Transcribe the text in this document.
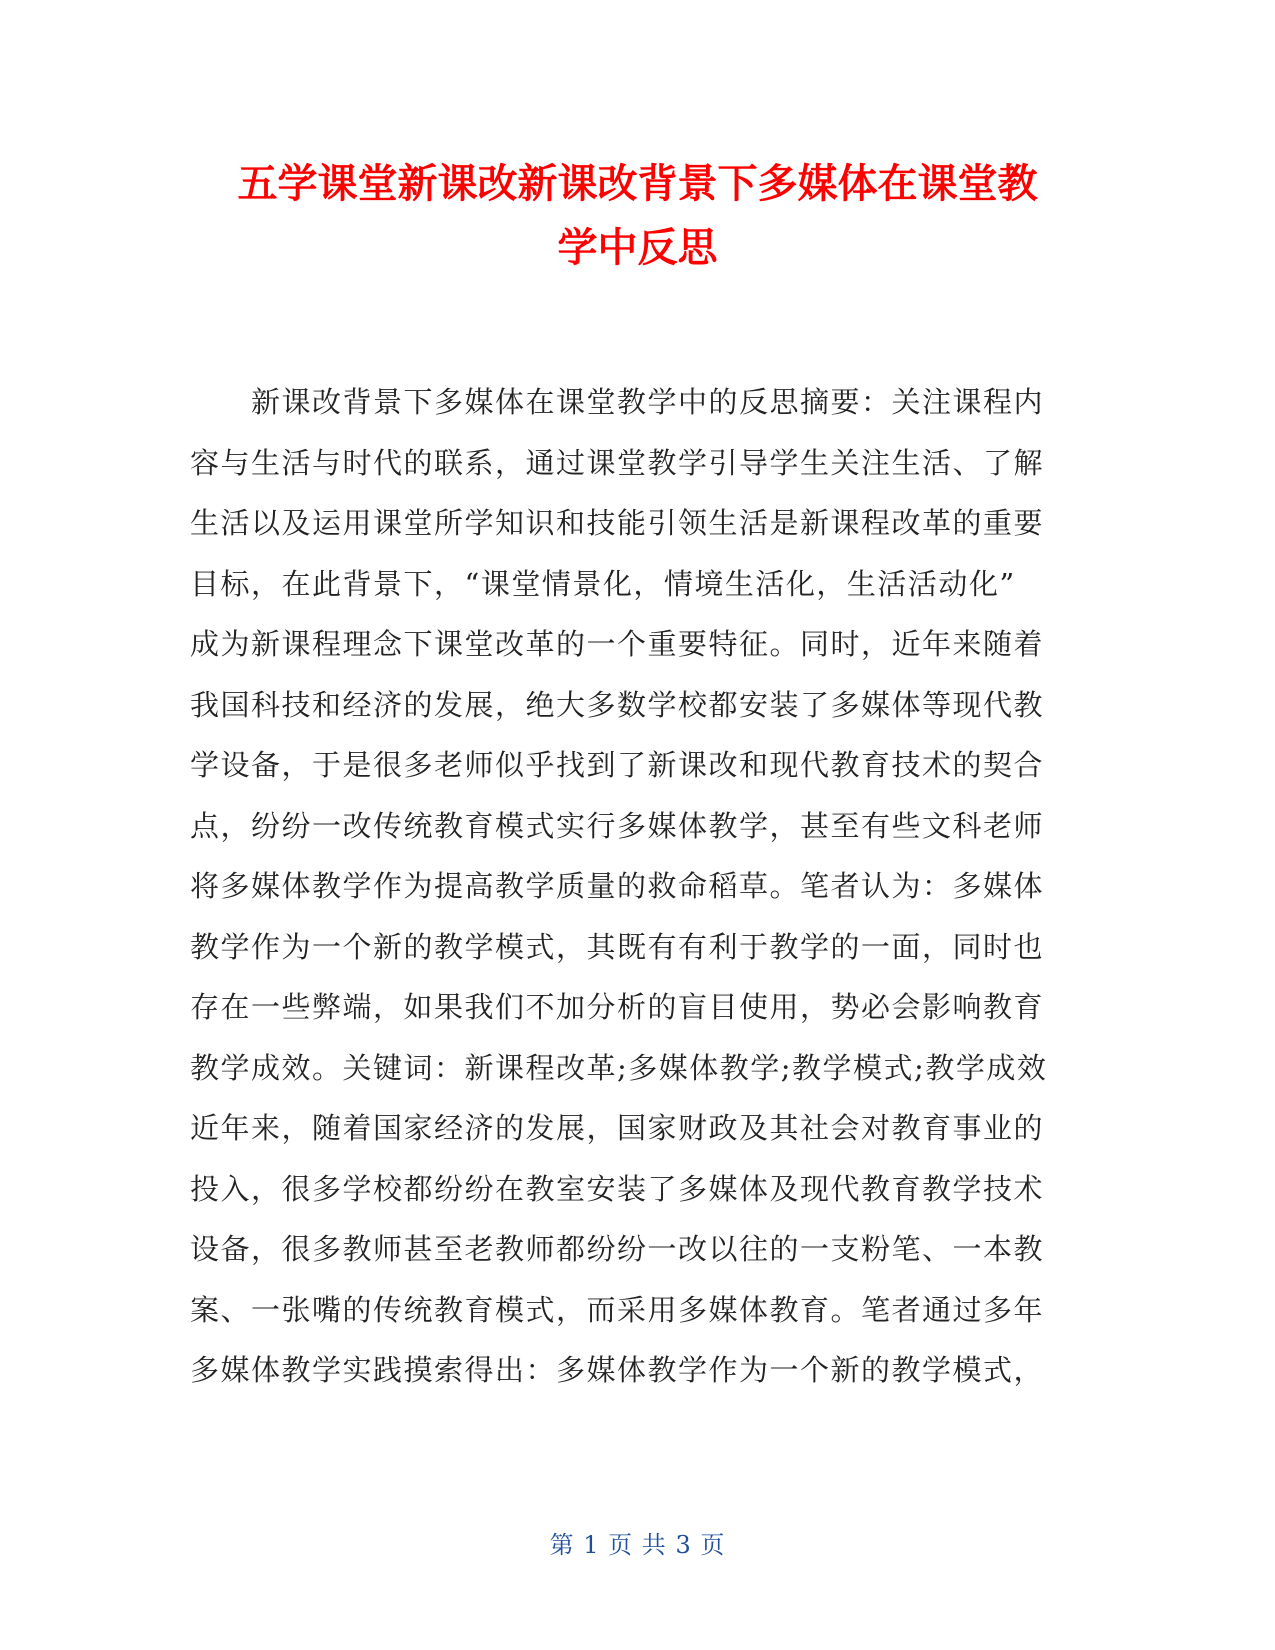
五学课堂新课改新课改背景下多媒体在课堂教
学中反思
　　新课改背景下多媒体在课堂教学中的反思摘要：关注课程内
容与生活与时代的联系，通过课堂教学引导学生关注生活、了解
生活以及运用课堂所学知识和技能引领生活是新课程改革的重要
目标，在此背景下，“课堂情景化，情境生活化，生活活动化”
成为新课程理念下课堂改革的一个重要特征。同时，近年来随着
我国科技和经济的发展，绝大多数学校都安装了多媒体等现代教
学设备，于是很多老师似乎找到了新课改和现代教育技术的契合
点，纷纷一改传统教育模式实行多媒体教学，甚至有些文科老师
将多媒体教学作为提高教学质量的救命稻草。笔者认为：多媒体
教学作为一个新的教学模式，其既有有利于教学的一面，同时也
存在一些弊端，如果我们不加分析的盲目使用，势必会影响教育
教学成效。关键词：新课程改革;多媒体教学;教学模式;教学成效
近年来，随着国家经济的发展，国家财政及其社会对教育事业的
投入，很多学校都纷纷在教室安装了多媒体及现代教育教学技术
设备，很多教师甚至老教师都纷纷一改以往的一支粉笔、一本教
案、一张嘴的传统教育模式，而采用多媒体教育。笔者通过多年
多媒体教学实践摸索得出：多媒体教学作为一个新的教学模式，
第 1 页 共 3 页
